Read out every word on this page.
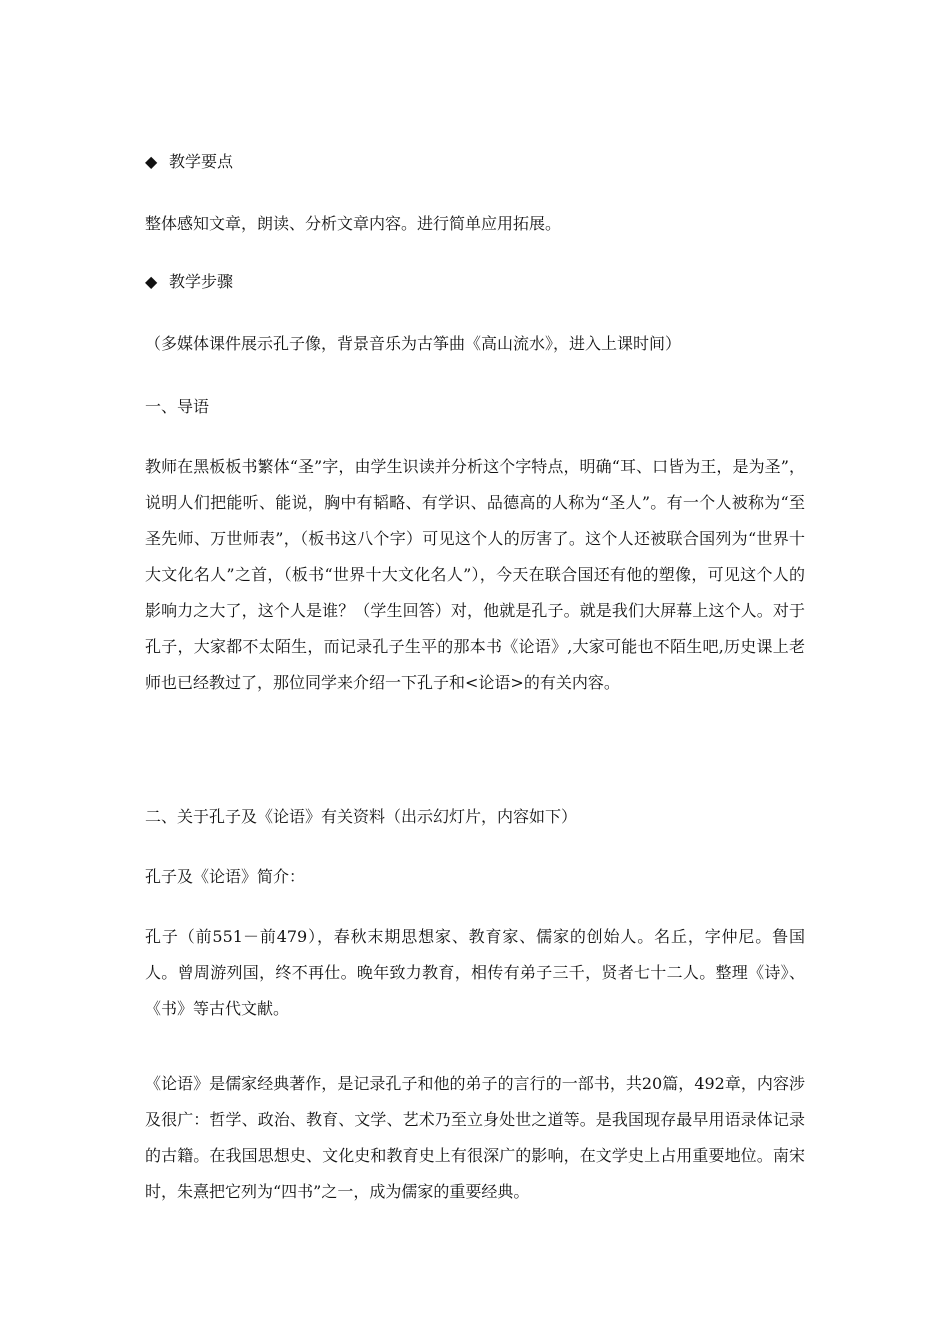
◆ 教学要点
整体感知文章，朗读、分析文章内容。进行简单应用拓展。
◆ 教学步骤
（多媒体课件展示孔子像，背景音乐为古筝曲《高山流水》，进入上课时间）
一、导语
教师在黑板板书繁体“圣”字，由学生识读并分析这个字特点，明确“耳、口皆为王，是为圣”，说明人们把能听、能说，胸中有韬略、有学识、品德高的人称为“圣人”。有一个人被称为“至圣先师、万世师表”，（板书这八个字）可见这个人的厉害了。这个人还被联合国列为“世界十大文化名人”之首，（板书“世界十大文化名人”），今天在联合国还有他的塑像，可见这个人的影响力之大了，这个人是谁？（学生回答）对，他就是孔子。就是我们大屏幕上这个人。对于孔子，大家都不太陌生，而记录孔子生平的那本书《论语》,大家可能也不陌生吧,历史课上老师也已经教过了，那位同学来介绍一下孔子和<论语>的有关内容。
二、关于孔子及《论语》有关资料（出示幻灯片，内容如下）
孔子及《论语》简介：
孔子（前551－前479），春秋末期思想家、教育家、儒家的创始人。名丘，字仲尼。鲁国人。曾周游列国，终不再仕。晚年致力教育，相传有弟子三千，贤者七十二人。整理《诗》、《书》等古代文献。
《论语》是儒家经典著作，是记录孔子和他的弟子的言行的一部书，共20篇，492章，内容涉及很广：哲学、政治、教育、文学、艺术乃至立身处世之道等。是我国现存最早用语录体记录的古籍。在我国思想史、文化史和教育史上有很深广的影响，在文学史上占用重要地位。南宋时，朱熹把它列为“四书”之一，成为儒家的重要经典。
